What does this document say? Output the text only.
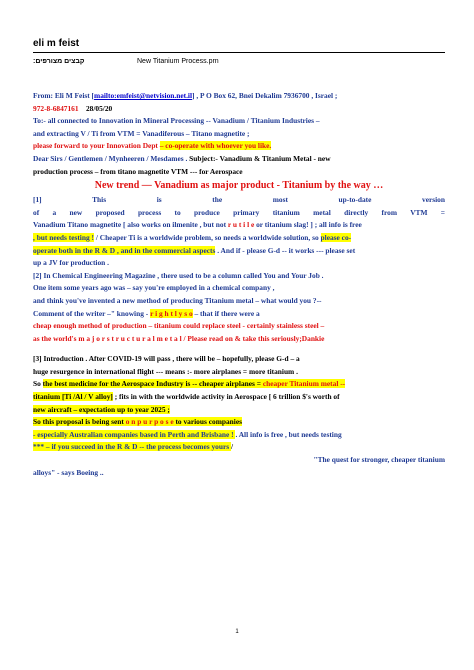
eli m feist
קבצים מצורפים:	New Titanium Process.prn

From: Eli M Feist [mailto:emfeist@netvision.net.il] , P O Box 62, Bnei Dekalim 7936700 , Israel ;

972-8-6847161 28/05/20

To:- all connected to Innovation in Mineral Processing -- Vanadium / Titanium Industries –

and extracting V / Ti from VTM = Vanadiferous – Titano magnetite ;

please forward to your Innovation Dept – co-operate with whoever you like.

Dear Sirs / Gentlemen / Mynheeren / Mesdames . Subject:- Vanadium & Titanium Metal - new

production process – from titano magnetite VTM --- for Aerospace

New trend — Vanadium as major product - Titanium by the way …

[1] This is the most up-to-date version

of a new proposed process to produce primary titanium metal directly from VTM =

Vanadium Titano magnetite [ also works on ilmenite , but not r u t i l e or titanium slag! ] ; all info is free

, but needs testing ! / Cheaper Ti is a worldwide problem, so needs a worldwide solution, so please co-

operate both in the R & D , and in the commercial aspects . And if - please G-d -- it works --- please set

up a JV for production .

[2] In Chemical Engineering Magazine , there used to be a column called You and Your Job .

One item some years ago was – say you're employed in a chemical company ,

and think you've invented a new method of producing Titanium metal – what would you ?--

Comment of the writer –" knowing - r i g h t l y s o – that if there were a

cheap enough method of production – titanium could replace steel - certainly stainless steel –

as the world's m a j o r s t r u c t u r a l m e t a l / Please read on & take this seriously;Dankie

[3] Introduction . After COVID-19 will pass , there will be – hopefully, please G-d – a

huge resurgence in international flight --- means :- more airplanes = more titanium .

So the best medicine for the Aerospace Industry is -- cheaper airplanes = cheaper Titanium metal --

titanium [Ti /Al / V alloy] ; fits in with the worldwide activity in Aerospace [ 6 trillion $'s worth of

new aircraft – expectation up to year 2025 ;

So this proposal is being sent o n p u r p o s e to various companies

- especially Australian companies based in Perth and Brisbane ! . All info is free , but needs testing

*** – if you succeed in the R & D -- the process becomes yours /

"The quest for stronger, cheaper titanium

alloys" - says Boeing ..

1
